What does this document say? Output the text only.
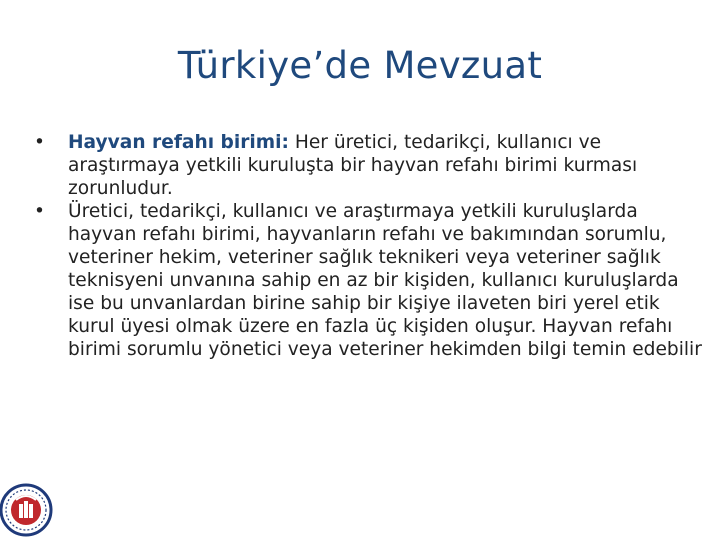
Türkiye’de Mevzuat
•	Hayvan refahı birimi: Her üretici, tedarikçi, kullanıcı ve araştırmaya yetkili kuruluşta bir hayvan refahı birimi kurması zorunludur.
•	Üretici, tedarikçi, kullanıcı ve araştırmaya yetkili kuruluşlarda hayvan refahı birimi, hayvanların refahı ve bakımından sorumlu, veteriner hekim, veteriner sağlık teknikeri veya veteriner sağlık teknisyeni unvanına sahip en az bir kişiden, kullanıcı kuruluşlarda ise bu unvanlardan birine sahip bir kişiye ilaveten biri yerel etik kurul üyesi olmak üzere en fazla üç kişiden oluşur. Hayvan refahı birimi sorumlu yönetici veya veteriner hekimden bilgi temin edebilir
